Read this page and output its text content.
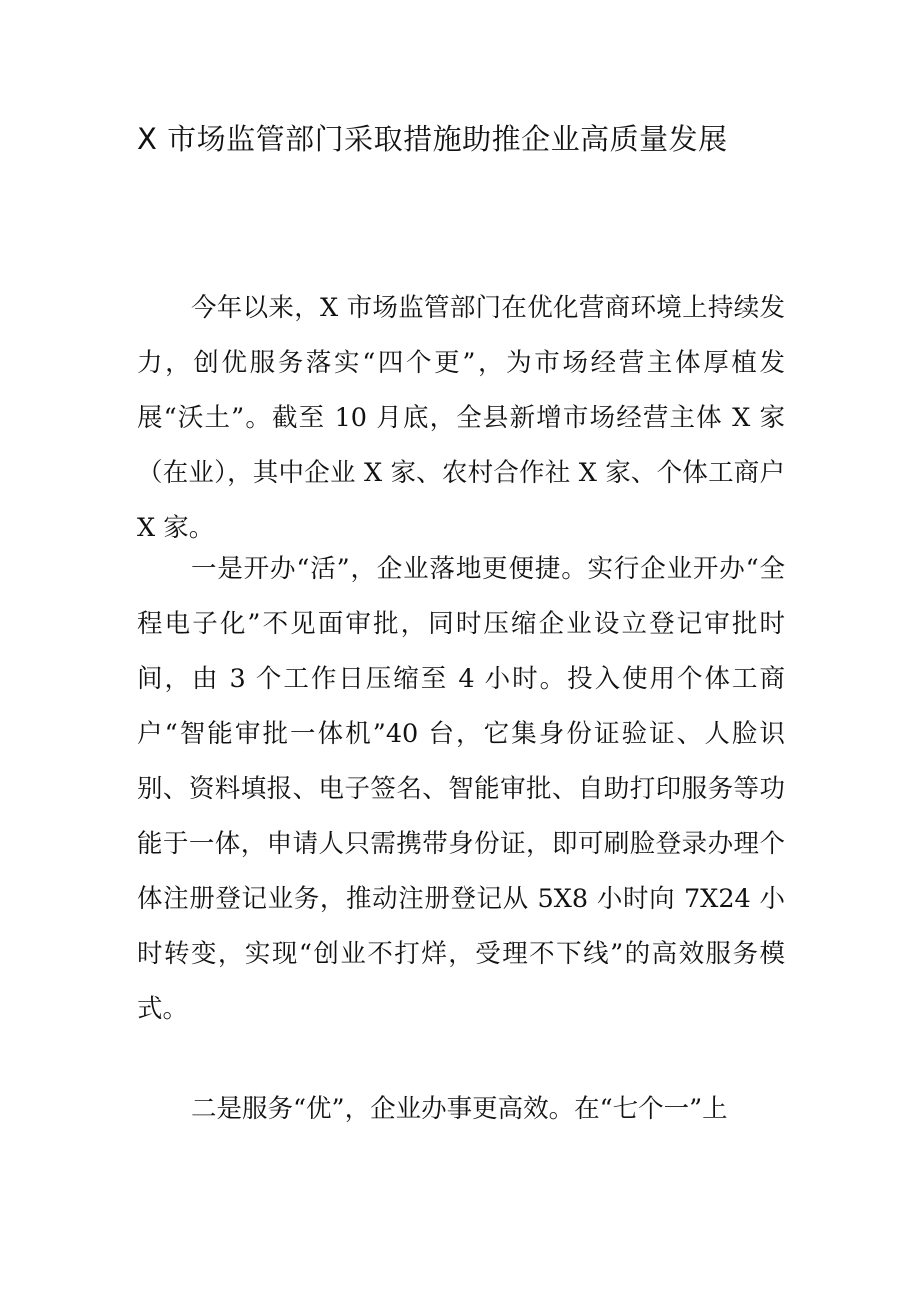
X 市场监管部门采取措施助推企业高质量发展

今年以来，X 市场监管部门在优化营商环境上持续发力，创优服务落实“四个更”，为市场经营主体厚植发展“沃土”。截至 10 月底，全县新增市场经营主体 X 家（在业），其中企业 X 家、农村合作社 X 家、个体工商户 X 家。

一是开办“活”，企业落地更便捷。实行企业开办“全程电子化”不见面审批，同时压缩企业设立登记审批时间，由 3 个工作日压缩至 4 小时。投入使用个体工商户“智能审批一体机”40 台，它集身份证验证、人脸识别、资料填报、电子签名、智能审批、自助打印服务等功能于一体，申请人只需携带身份证，即可刷脸登录办理个体注册登记业务，推动注册登记从 5X8 小时向 7X24 小时转变，实现“创业不打烊，受理不下线”的高效服务模式。

二是服务“优”，企业办事更高效。在“七个一”上
